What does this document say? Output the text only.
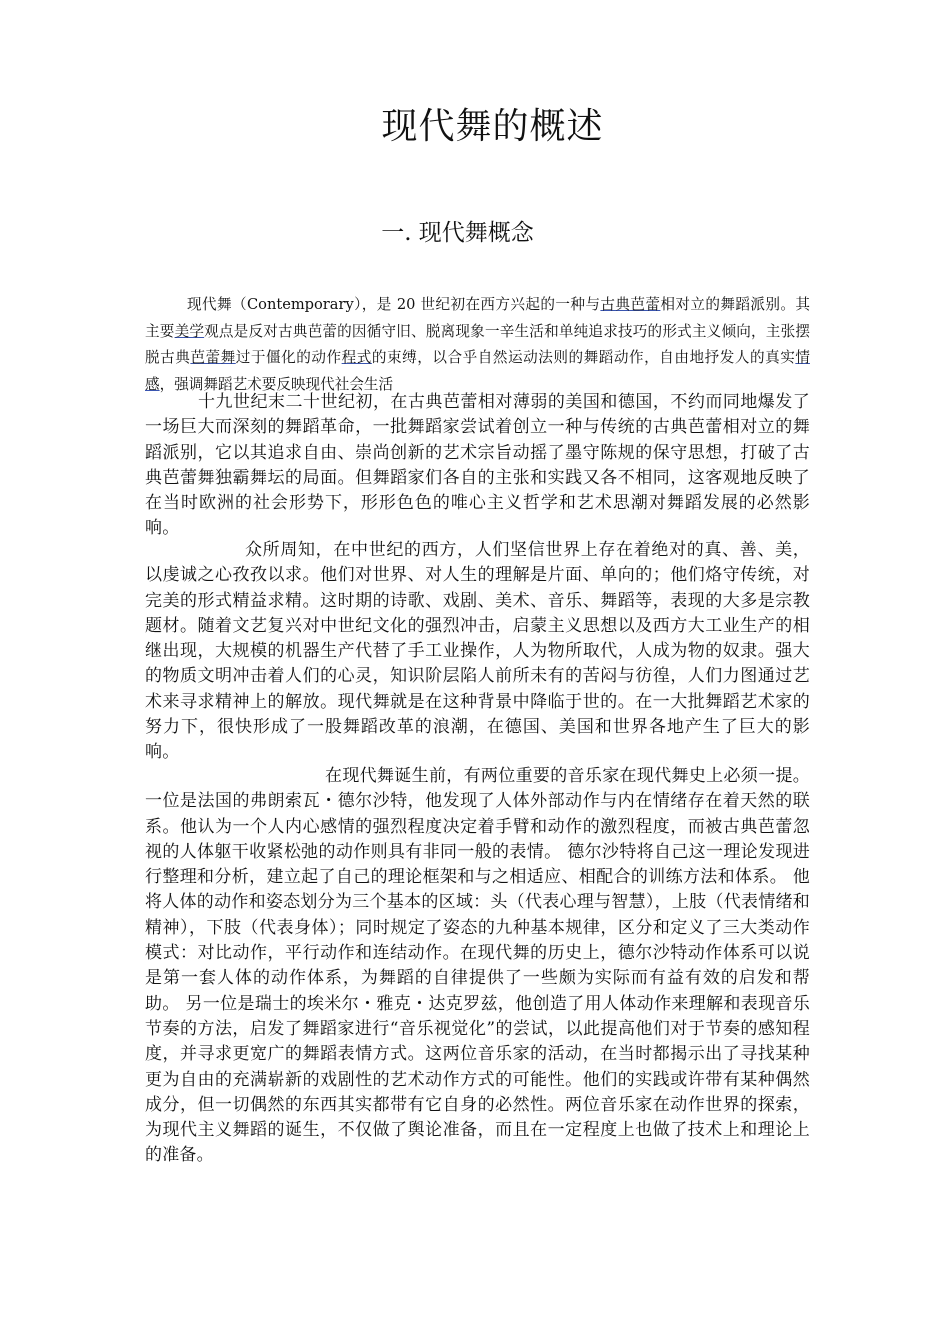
现代舞的概述
一. 现代舞概念

现代舞（Contemporary），是 20 世纪初在西方兴起的一种与古典芭蕾相对立的舞蹈派别。其主要美学观点是反对古典芭蕾的因循守旧、脱离现象一辛生活和单纯追求技巧的形式主义倾向，主张摆脱古典芭蕾舞过于僵化的动作程式的束缚，以合乎自然运动法则的舞蹈动作，自由地抒发人的真实情感，强调舞蹈艺术要反映现代社会生活

十九世纪末二十世纪初，在古典芭蕾相对薄弱的美国和德国，不约而同地爆发了一场巨大而深刻的舞蹈革命，一批舞蹈家尝试着创立一种与传统的古典芭蕾相对立的舞蹈派别，它以其追求自由、崇尚创新的艺术宗旨动摇了墨守陈规的保守思想，打破了古典芭蕾舞独霸舞坛的局面。但舞蹈家们各自的主张和实践又各不相同，这客观地反映了在当时欧洲的社会形势下，形形色色的唯心主义哲学和艺术思潮对舞蹈发展的必然影响。

众所周知，在中世纪的西方，人们坚信世界上存在着绝对的真、善、美，以虔诚之心孜孜以求。他们对世界、对人生的理解是片面、单向的；他们烙守传统，对完美的形式精益求精。这时期的诗歌、戏剧、美术、音乐、舞蹈等，表现的大多是宗教题材。随着文艺复兴对中世纪文化的强烈冲击，启蒙主义思想以及西方大工业生产的相继出现，大规模的机器生产代替了手工业操作，人为物所取代，人成为物的奴隶。强大的物质文明冲击着人们的心灵，知识阶层陷人前所未有的苦闷与彷徨，人们力图通过艺术来寻求精神上的解放。现代舞就是在这种背景中降临于世的。在一大批舞蹈艺术家的努力下，很快形成了一股舞蹈改革的浪潮，在德国、美国和世界各地产生了巨大的影响。

在现代舞诞生前，有两位重要的音乐家在现代舞史上必须一提。一位是法国的弗朗索瓦・德尔沙特，他发现了人体外部动作与内在情绪存在着天然的联系。他认为一个人内心感情的强烈程度决定着手臂和动作的激烈程度，而被古典芭蕾忽视的人体躯干收紧松弛的动作则具有非同一般的表情。 德尔沙特将自己这一理论发现进行整理和分析，建立起了自己的理论框架和与之相适应、相配合的训练方法和体系。 他将人体的动作和姿态划分为三个基本的区域：头（代表心理与智慧），上肢（代表情绪和精神），下肢（代表身体）；同时规定了姿态的九种基本规律，区分和定义了三大类动作模式：对比动作，平行动作和连结动作。在现代舞的历史上，德尔沙特动作体系可以说是第一套人体的动作体系，为舞蹈的自律提供了一些颇为实际而有益有效的启发和帮助。 另一位是瑞士的埃米尔・雅克・达克罗兹，他创造了用人体动作来理解和表现音乐节奏的方法，启发了舞蹈家进行“音乐视觉化”的尝试，以此提高他们对于节奏的感知程度，并寻求更宽广的舞蹈表情方式。这两位音乐家的活动，在当时都揭示出了寻找某种更为自由的充满崭新的戏剧性的艺术动作方式的可能性。他们的实践或许带有某种偶然成分，但一切偶然的东西其实都带有它自身的必然性。两位音乐家在动作世界的探索，为现代主义舞蹈的诞生，不仅做了舆论准备，而且在一定程度上也做了技术上和理论上的准备。
